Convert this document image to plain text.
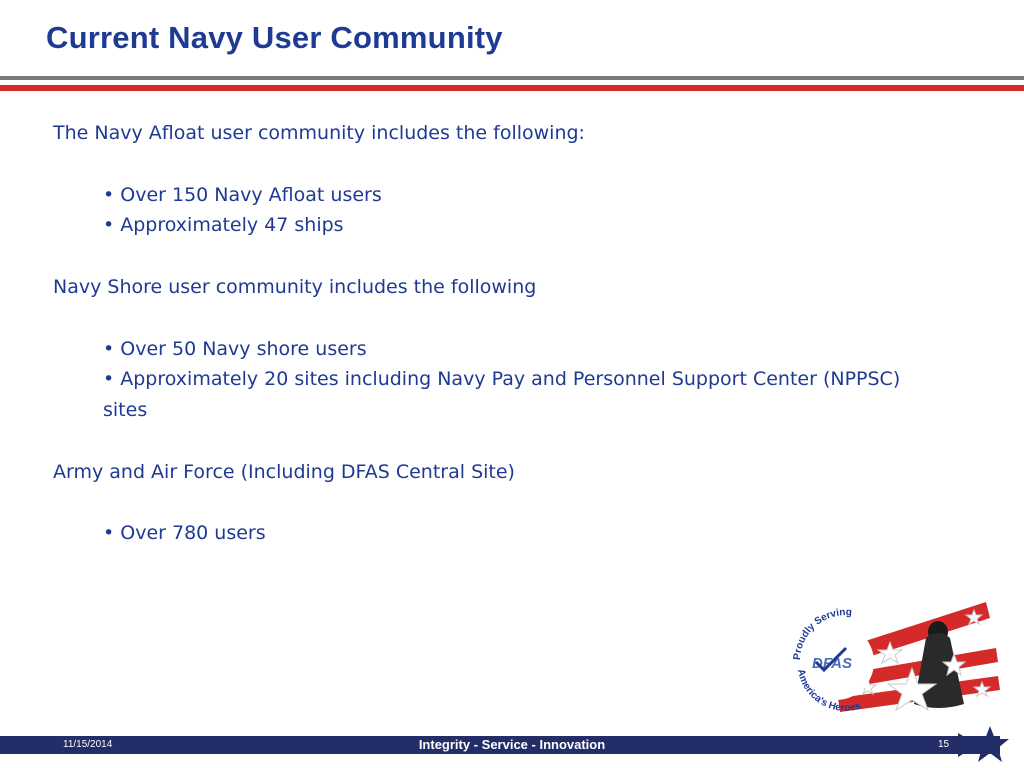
Current Navy User Community

The Navy Afloat user community includes the following:

• Over 150 Navy Afloat users

• Approximately 47 ships

Navy Shore user community includes the following

• Over 50 Navy shore users

• Approximately 20 sites including Navy Pay and Personnel Support Center (NPPSC) sites

Army and Air Force (Including DFAS Central Site)

• Over 780 users

Proudly Serving
America's Heroes
DFAS
11/15/2014	Integrity - Service - Innovation	15
